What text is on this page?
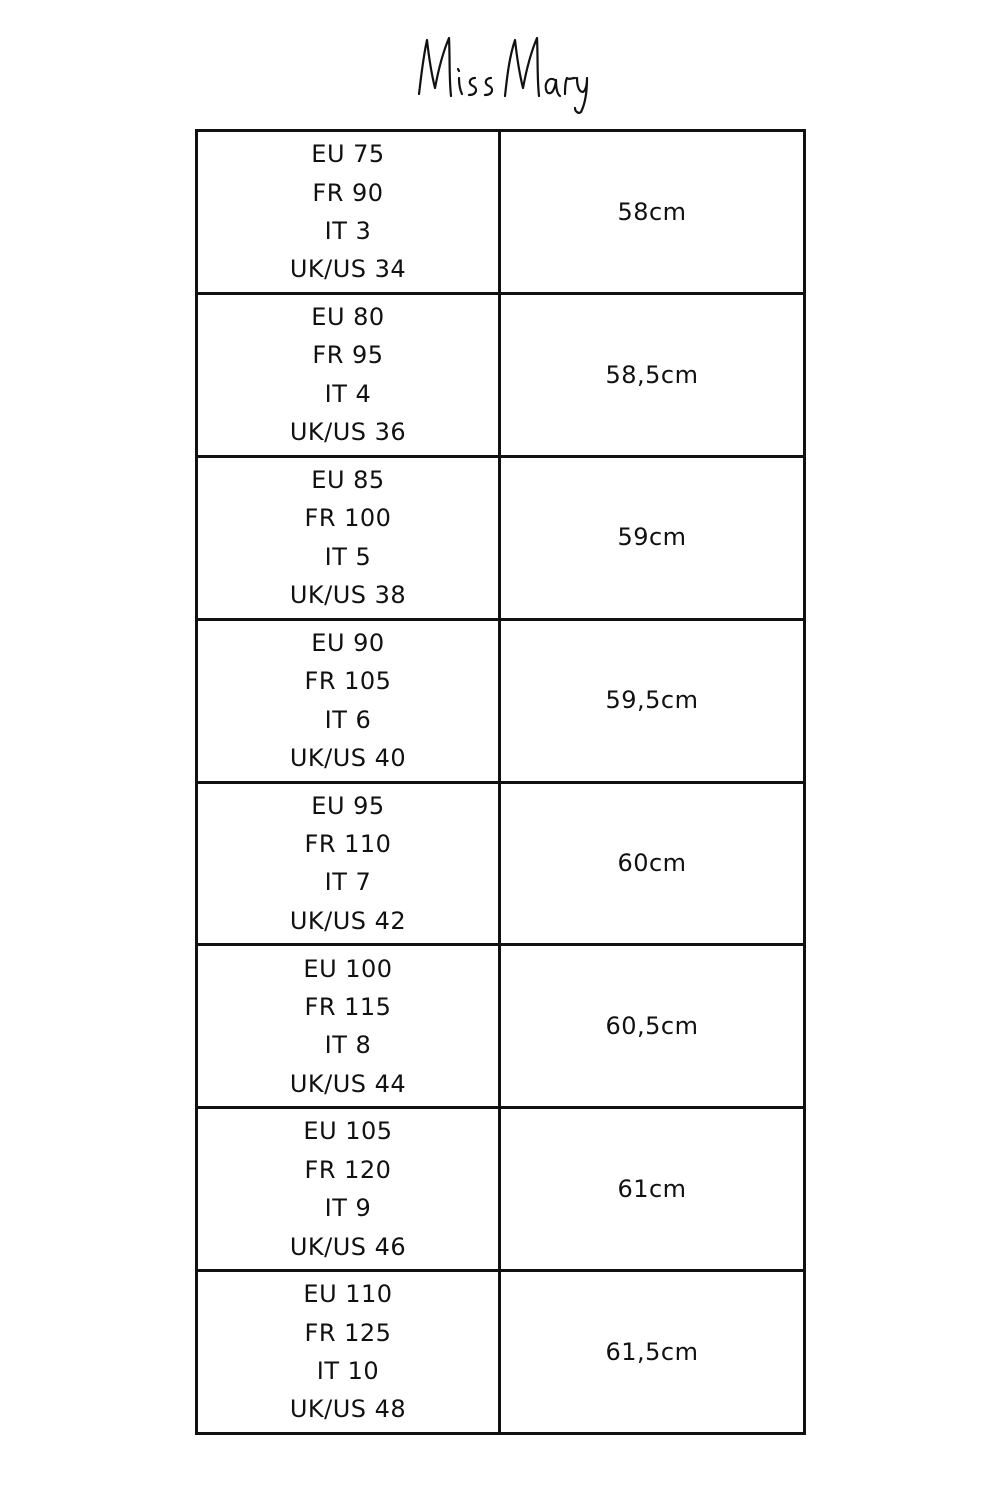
EU 75
FR 90
IT 3
UK/US 34
58cm
EU 80
FR 95
IT 4
UK/US 36
58,5cm
EU 85
FR 100
IT 5
UK/US 38
59cm
EU 90
FR 105
IT 6
UK/US 40
59,5cm
EU 95
FR 110
IT 7
UK/US 42
60cm
EU 100
FR 115
IT 8
UK/US 44
60,5cm
EU 105
FR 120
IT 9
UK/US 46
61cm
EU 110
FR 125
IT 10
UK/US 48
61,5cm
